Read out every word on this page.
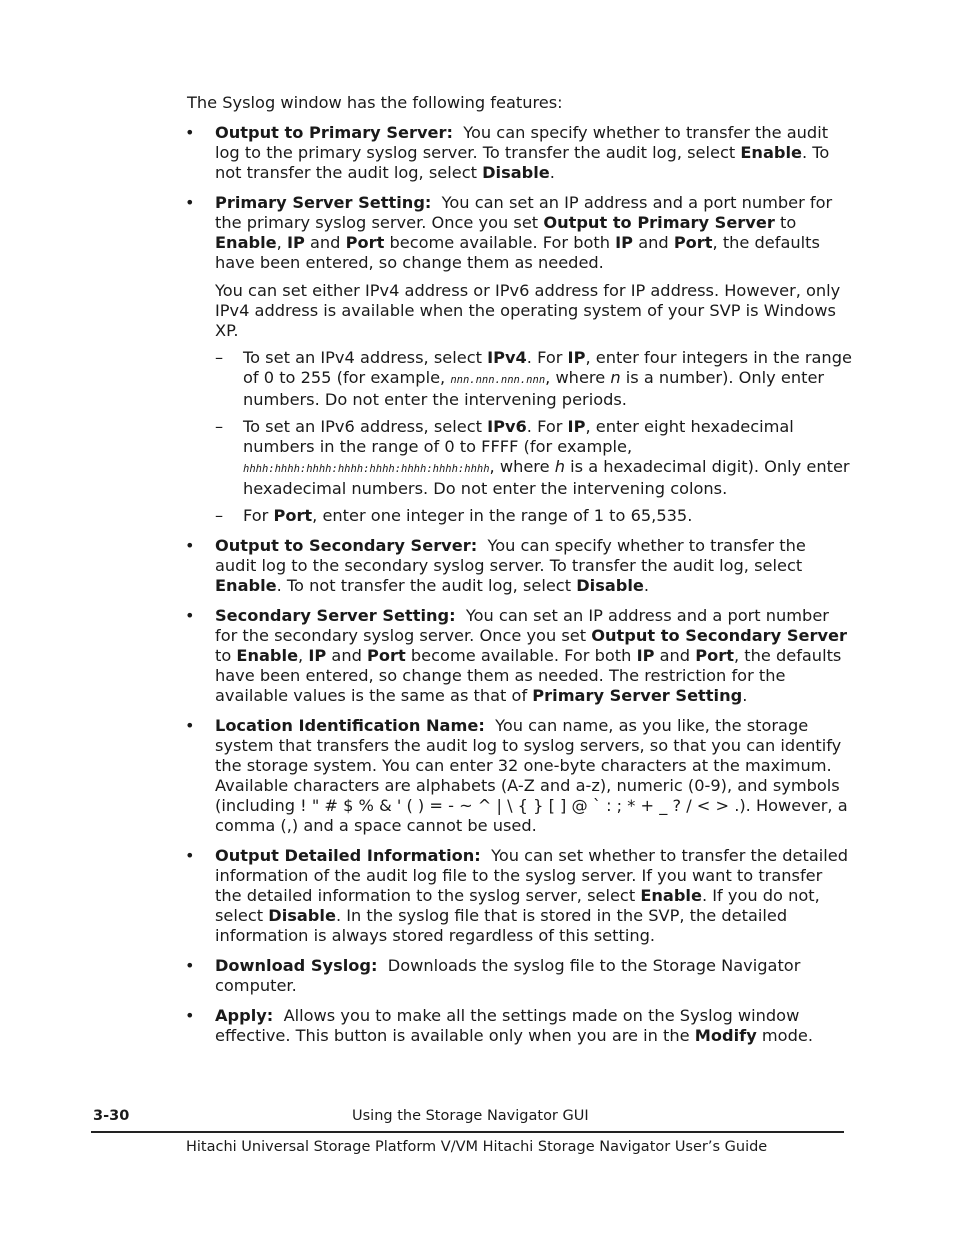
The Syslog window has the following features:

• Output to Primary Server: You can specify whether to transfer the audit log to the primary syslog server. To transfer the audit log, select Enable. To not transfer the audit log, select Disable.

• Primary Server Setting: You can set an IP address and a port number for the primary syslog server. Once you set Output to Primary Server to Enable, IP and Port become available. For both IP and Port, the defaults have been entered, so change them as needed.

You can set either IPv4 address or IPv6 address for IP address. However, only IPv4 address is available when the operating system of your SVP is Windows XP.

– To set an IPv4 address, select IPv4. For IP, enter four integers in the range of 0 to 255 (for example, nnn.nnn.nnn.nnn, where n is a number). Only enter numbers. Do not enter the intervening periods.
– To set an IPv6 address, select IPv6. For IP, enter eight hexadecimal numbers in the range of 0 to FFFF (for example, hhhh:hhhh:hhhh:hhhh:hhhh:hhhh:hhhh:hhhh, where h is a hexadecimal digit). Only enter hexadecimal numbers. Do not enter the intervening colons.
– For Port, enter one integer in the range of 1 to 65,535.
• Output to Secondary Server: You can specify whether to transfer the audit log to the secondary syslog server. To transfer the audit log, select Enable. To not transfer the audit log, select Disable.

• Secondary Server Setting: You can set an IP address and a port number for the secondary syslog server. Once you set Output to Secondary Server to Enable, IP and Port become available. For both IP and Port, the defaults have been entered, so change them as needed. The restriction for the available values is the same as that of Primary Server Setting.

• Location Identification Name: You can name, as you like, the storage system that transfers the audit log to syslog servers, so that you can identify the storage system. You can enter 32 one-byte characters at the maximum. Available characters are alphabets (A-Z and a-z), numeric (0-9), and symbols (including ! " # $ % & ' ( ) = - ~ ^ | \ { } [ ] @ ` : ; * + _ ? / < > .). However, a comma (,) and a space cannot be used.

• Output Detailed Information: You can set whether to transfer the detailed information of the audit log file to the syslog server. If you want to transfer the detailed information to the syslog server, select Enable. If you do not, select Disable. In the syslog file that is stored in the SVP, the detailed information is always stored regardless of this setting.

• Download Syslog: Downloads the syslog file to the Storage Navigator computer.

• Apply: Allows you to make all the settings made on the Syslog window effective. This button is available only when you are in the Modify mode.

3-30	Using the Storage Navigator GUI
Hitachi Universal Storage Platform V/VM Hitachi Storage Navigator User’s Guide
